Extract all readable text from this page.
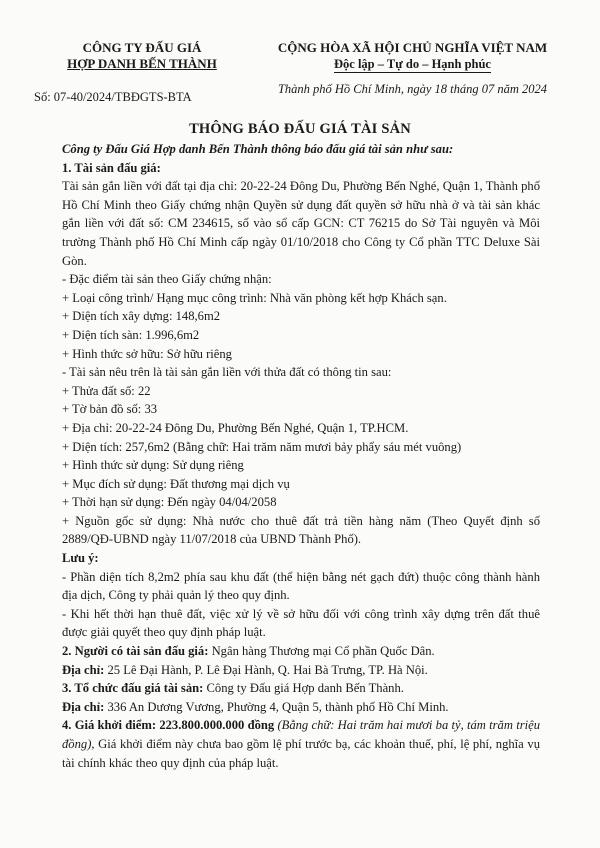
CÔNG TY ĐẤU GIÁ
HỢP DANH BẾN THÀNH
Số: 07-40/2024/TBĐGTS-BTA
CỘNG HÒA XÃ HỘI CHỦ NGHĨA VIỆT NAM
Độc lập – Tự do – Hạnh phúc
Thành phố Hồ Chí Minh, ngày 18 tháng 07 năm 2024
THÔNG BÁO ĐẤU GIÁ TÀI SẢN

Công ty Đấu Giá Hợp danh Bến Thành thông báo đấu giá tài sản như sau:

1. Tài sản đấu giá:

Tài sản gắn liền với đất tại địa chỉ: 20-22-24 Đông Du, Phường Bến Nghé, Quận 1, Thành phố Hồ Chí Minh theo Giấy chứng nhận Quyền sử dụng đất quyền sở hữu nhà ở và tài sản khác gắn liền với đất số: CM 234615, số vào sổ cấp GCN: CT 76215 do Sở Tài nguyên và Môi trường Thành phố Hồ Chí Minh cấp ngày 01/10/2018 cho Công ty Cổ phần TTC Deluxe Sài Gòn.

- Đặc điểm tài sản theo Giấy chứng nhận:

+ Loại công trình/ Hạng mục công trình: Nhà văn phòng kết hợp Khách sạn.

+ Diện tích xây dựng: 148,6m2

+ Diện tích sàn: 1.996,6m2

+ Hình thức sở hữu: Sở hữu riêng

- Tài sản nêu trên là tài sản gắn liền với thửa đất có thông tin sau:

+ Thửa đất số: 22

+ Tờ bản đồ số: 33

+ Địa chỉ: 20-22-24 Đông Du, Phường Bến Nghé, Quận 1, TP.HCM.

+ Diện tích: 257,6m2 (Bằng chữ: Hai trăm năm mươi bảy phẩy sáu mét vuông)

+ Hình thức sử dụng: Sử dụng riêng

+ Mục đích sử dụng: Đất thương mại dịch vụ

+ Thời hạn sử dụng: Đến ngày 04/04/2058

+ Nguồn gốc sử dụng: Nhà nước cho thuê đất trả tiền hàng năm (Theo Quyết định số 2889/QĐ-UBND ngày 11/07/2018 của UBND Thành Phố).

Lưu ý:

- Phần diện tích 8,2m2 phía sau khu đất (thể hiện bằng nét gạch đứt) thuộc công thành hành địa dịch, Công ty phải quản lý theo quy định.

- Khi hết thời hạn thuê đất, việc xử lý về sở hữu đối với công trình xây dựng trên đất thuê được giải quyết theo quy định pháp luật.

2. Người có tài sản đấu giá: Ngân hàng Thương mại Cổ phần Quốc Dân.

Địa chỉ: 25 Lê Đại Hành, P. Lê Đại Hành, Q. Hai Bà Trưng, TP. Hà Nội.

3. Tổ chức đấu giá tài sản: Công ty Đấu giá Hợp danh Bến Thành.

Địa chỉ: 336 An Dương Vương, Phường 4, Quận 5, thành phố Hồ Chí Minh.

4. Giá khởi điểm: 223.800.000.000 đồng (Bằng chữ: Hai trăm hai mươi ba tỷ, tám trăm triệu đồng), Giá khởi điểm này chưa bao gồm lệ phí trước bạ, các khoản thuế, phí, lệ phí, nghĩa vụ tài chính khác theo quy định của pháp luật.
